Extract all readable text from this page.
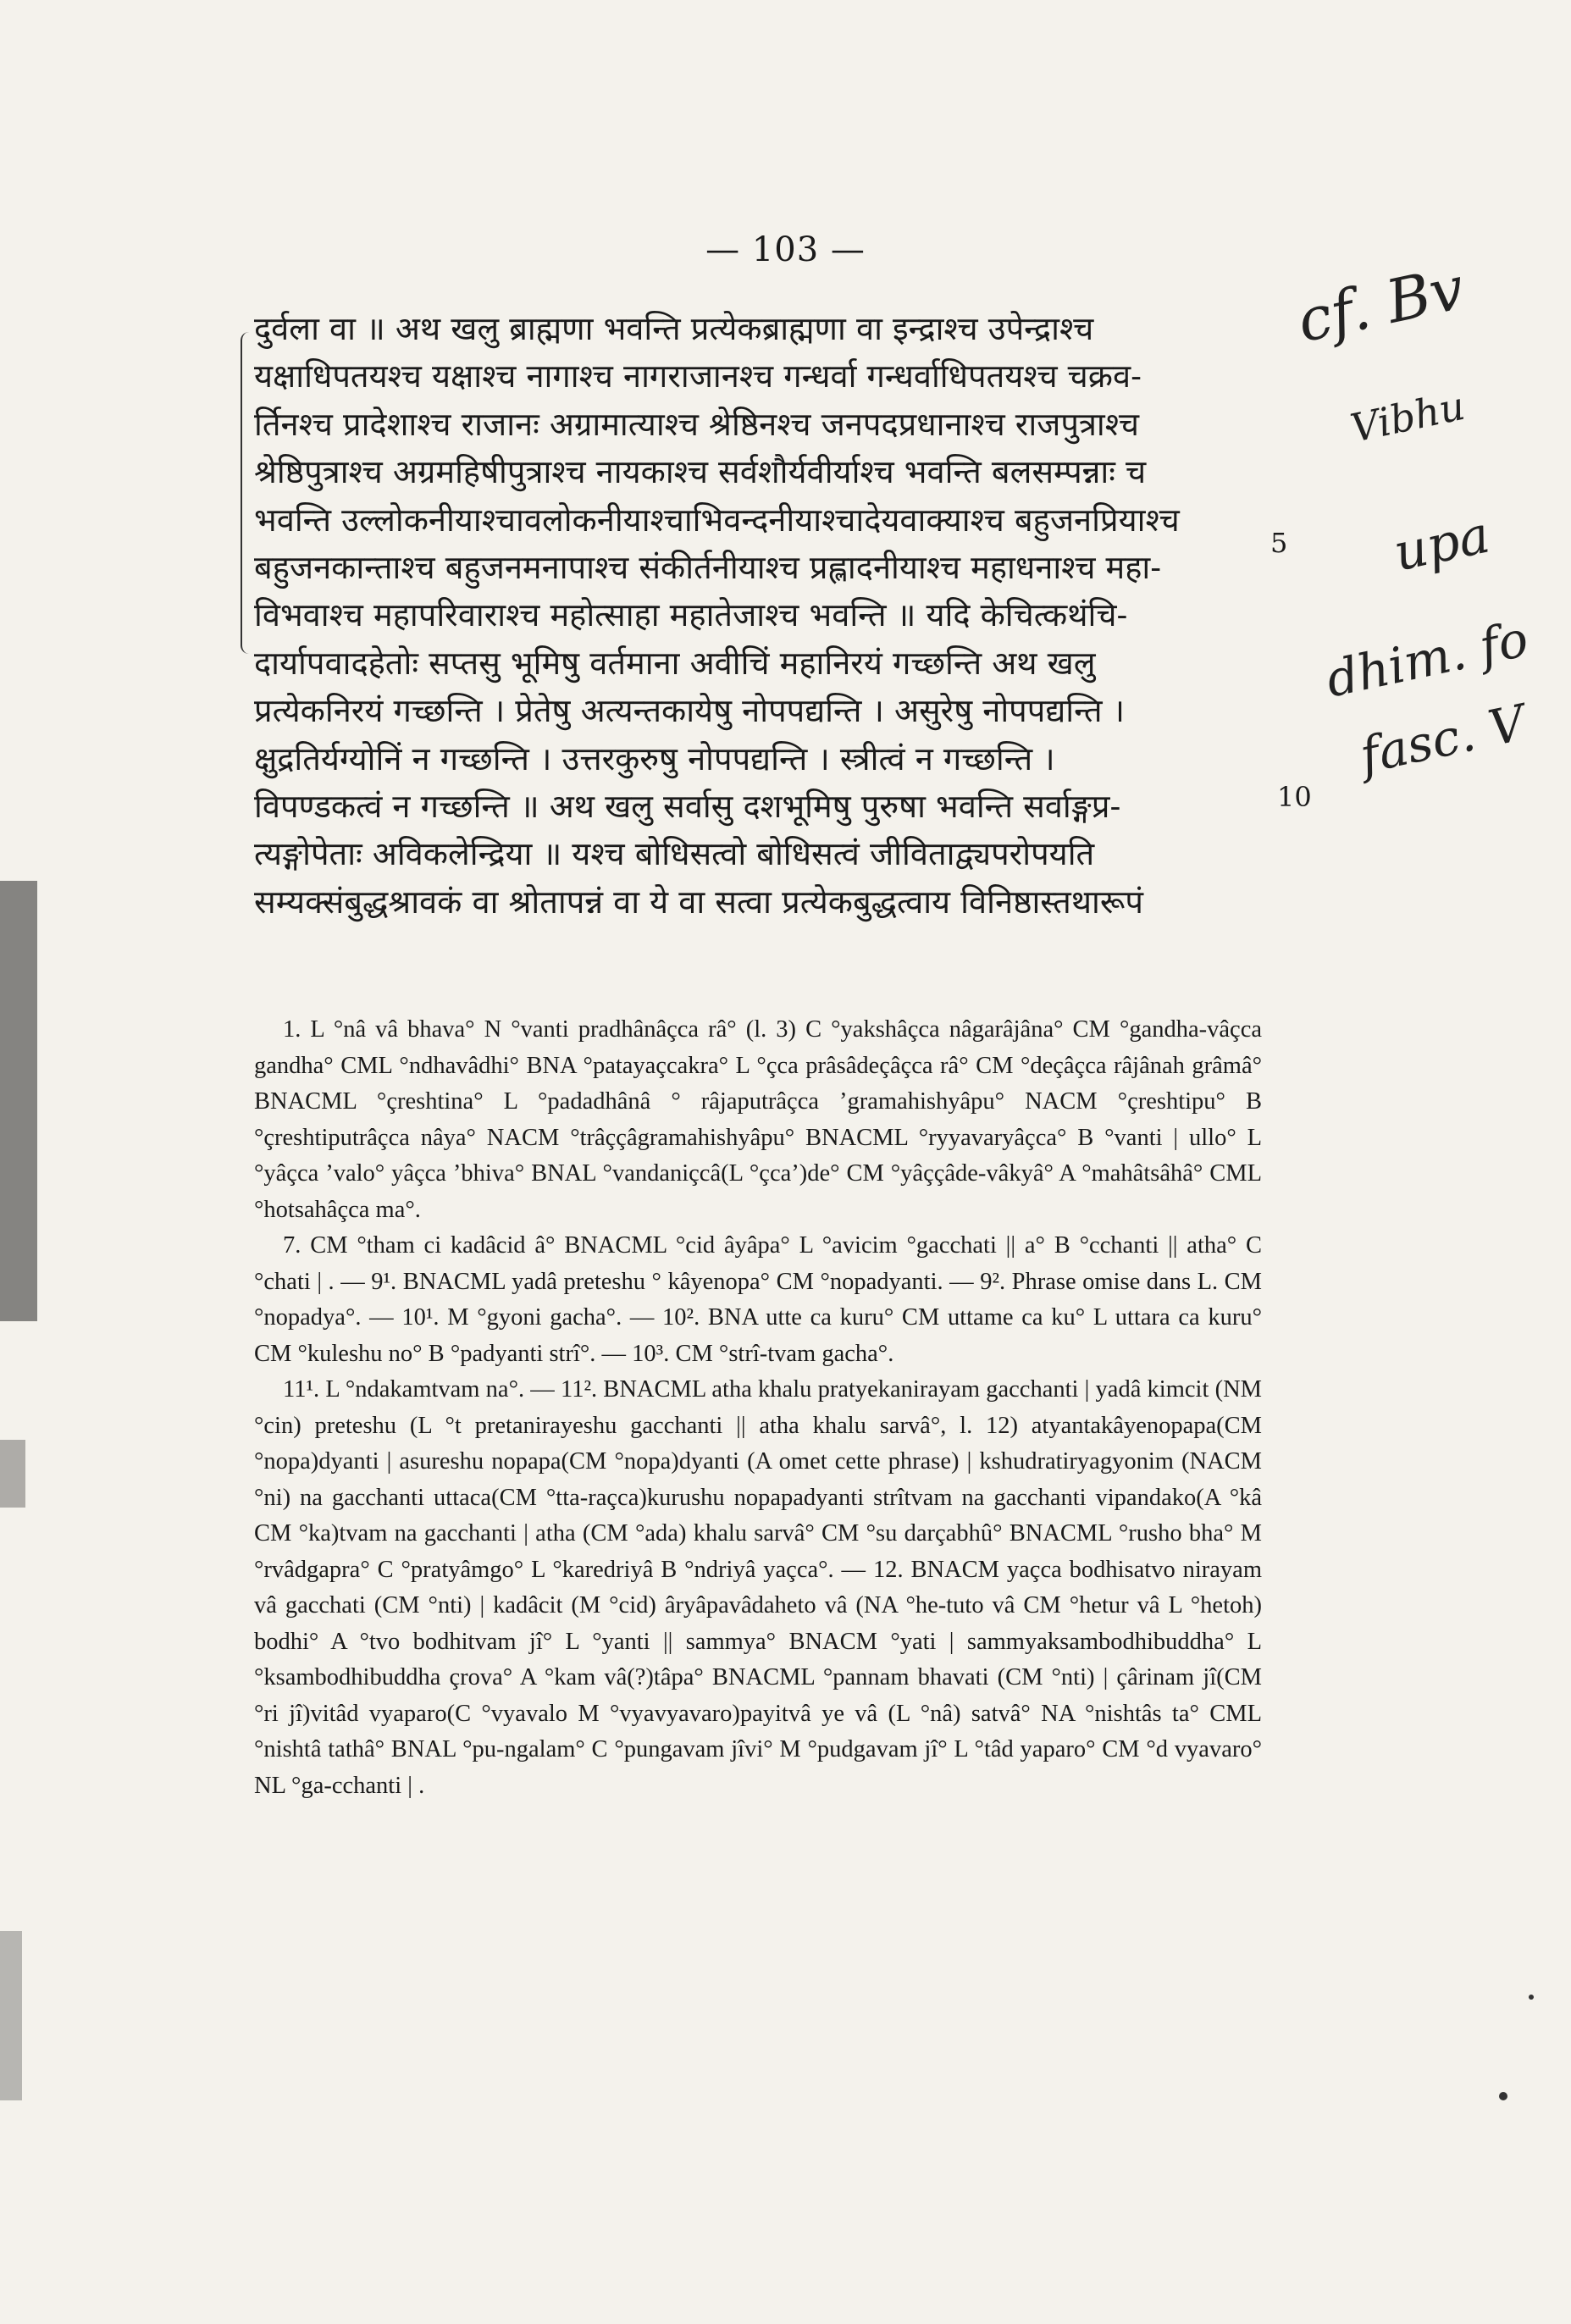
— 103 —
दुर्वला वा ॥ अथ खलु ब्राह्मणा भवन्ति प्रत्येकब्राह्मणा वा इन्द्राश्च उपेन्द्राश्च
यक्षाधिपतयश्च यक्षाश्च नागाश्च नागराजानश्च गन्धर्वा गन्धर्वाधिपतयश्च चक्रव-
र्तिनश्च प्रादेशाश्च राजानः अग्रामात्याश्च श्रेष्ठिनश्च जनपदप्रधानाश्च राजपुत्राश्च
श्रेष्ठिपुत्राश्च अग्रमहिषीपुत्राश्च नायकाश्च सर्वशौर्यवीर्याश्च भवन्ति बलसम्पन्नाः च
भवन्ति उल्लोकनीयाश्चावलोकनीयाश्चाभिवन्दनीयाश्चादेयवाक्याश्च बहुजनप्रियाश्च
बहुजनकान्ताश्च बहुजनमनापाश्च संकीर्तनीयाश्च प्रह्लादनीयाश्च महाधनाश्च महा-
विभवाश्च महापरिवाराश्च महोत्साहा महातेजाश्च भवन्ति ॥ यदि केचित्कथंचि-
दार्यापवादहेतोः सप्तसु भूमिषु वर्तमाना अवीचिं महानिरयं गच्छन्ति अथ खलु
प्रत्येकनिरयं गच्छन्ति । प्रेतेषु अत्यन्तकायेषु नोपपद्यन्ति । असुरेषु नोपपद्यन्ति ।
क्षुद्रतिर्यग्योनिं न गच्छन्ति । उत्तरकुरुषु नोपपद्यन्ति । स्त्रीत्वं न गच्छन्ति ।
विपण्डकत्वं न गच्छन्ति ॥ अथ खलु सर्वासु दशभूमिषु पुरुषा भवन्ति सर्वाङ्गप्र-
त्यङ्गोपेताः अविकलेन्द्रिया ॥ यश्च बोधिसत्वो बोधिसत्वं जीविताद्व्यपरोपयति
सम्यक्संबुद्धश्रावकं वा श्रोतापन्नं वा ये वा सत्वा प्रत्येकबुद्धत्वाय विनिष्ठास्तथारूपं
5
10

1. L °nâ vâ bhava° N °vanti pradhânâçca râ° (l. 3) C °yakshâçca nâgarâjâna° CM °gandha-vâçca gandha° CML °ndhavâdhi° BNA °patayaçcakra° L °çca prâsâdeçâçca râ° CM °deçâçca râjânah grâmâ° BNACML °çreshtina° L °padadhânâ ° râjaputrâçca ’gramahishyâpu° NACM °çreshtipu° B °çreshtiputrâçca nâya° NACM °trâççâgramahishyâpu° BNACML °ryyavaryâçca° B °vanti | ullo° L °yâçca ’valo° yâçca ’bhiva° BNAL °vandaniçcâ(L °çca’)de° CM °yâççâde-vâkyâ° A °mahâtsâhâ° CML °hotsahâçca ma°.

7. CM °tham ci kadâcid â° BNACML °cid âyâpa° L °avicim °gacchati || a° B °cchanti || atha° C °chati | . — 9¹. BNACML yadâ preteshu ° kâyenopa° CM °nopadyanti. — 9². Phrase omise dans L. CM °nopadya°. — 10¹. M °gyoni gacha°. — 10². BNA utte ca kuru° CM uttame ca ku° L uttara ca kuru° CM °kuleshu no° B °padyanti strî°. — 10³. CM °strî-tvam gacha°.

11¹. L °ndakamtvam na°. — 11². BNACML atha khalu pratyekanirayam gacchanti | yadâ kimcit (NM °cin) preteshu (L °t pretanirayeshu gacchanti || atha khalu sarvâ°, l. 12) atyantakâyenopapa(CM °nopa)dyanti | asureshu nopapa(CM °nopa)dyanti (A omet cette phrase) | kshudratiryagyonim (NACM °ni) na gacchanti uttaca(CM °tta-raçca)kurushu nopapadyanti strîtvam na gacchanti vipandako(A °kâ CM °ka)tvam na gacchanti | atha (CM °ada) khalu sarvâ° CM °su darçabhû° BNACML °rusho bha° M °rvâdgapra° C °pratyâmgo° L °karedriyâ B °ndriyâ yaçca°. — 12. BNACM yaçca bodhisatvo nirayam vâ gacchati (CM °nti) | kadâcit (M °cid) âryâpavâdaheto vâ (NA °he-tuto vâ CM °hetur vâ L °hetoh) bodhi° A °tvo bodhitvam jî° L °yanti || sammya° BNACM °yati | sammyaksambodhibuddha° L °ksambodhibuddha çrova° A °kam vâ(?)tâpa° BNACML °pannam bhavati (CM °nti) | çârinam jî(CM °ri jî)vitâd vyaparo(C °vyavalo M °vyavyavaro)payitvâ ye vâ (L °nâ) satvâ° NA °nishtâs ta° CML °nishtâ tathâ° BNAL °pu-ngalam° C °pungavam jîvi° M °pudgavam jî° L °tâd yaparo° CM °d vyavaro° NL °ga-cchanti | .

cf. Bv
Vibhu
upa
dhim. fo
fasc. V
